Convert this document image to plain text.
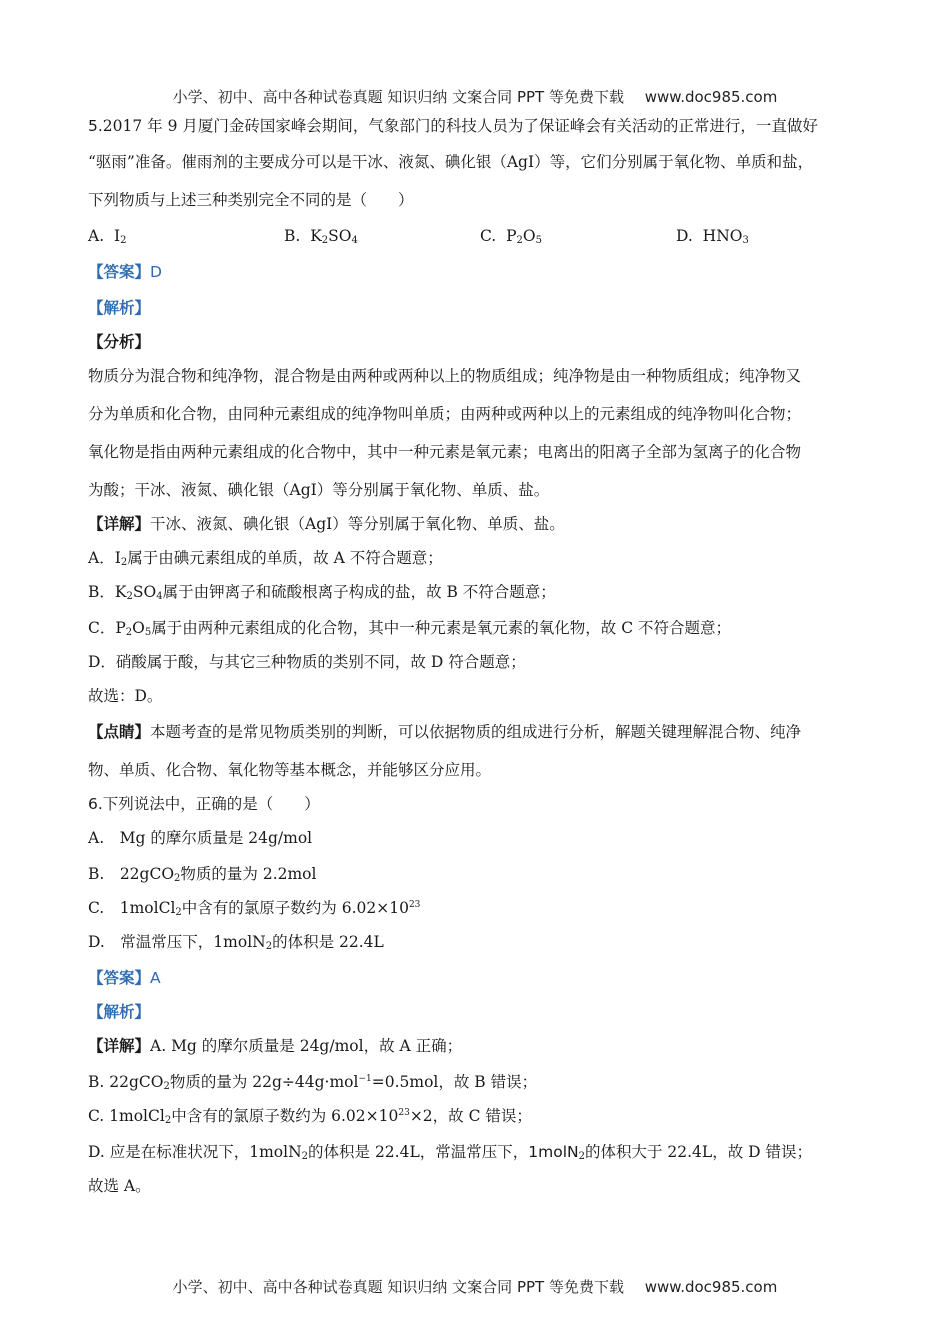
小学、初中、高中各种试卷真题 知识归纳 文案合同 PPT 等免费下载 www.doc985.com
5.2017 年 9 月厦门金砖国家峰会期间，气象部门的科技人员为了保证峰会有关活动的正常进行，一直做好
“驱雨”准备。催雨剂的主要成分可以是干冰、液氮、碘化银（AgI）等，它们分别属于氧化物、单质和盐，
下列物质与上述三种类别完全不同的是（　　）
A. $I_2$	B. $K_2SO_4$	C. $P_2O_5$	D. $HNO_3$
【答案】D
【解析】
【分析】
物质分为混合物和纯净物，混合物是由两种或两种以上的物质组成；纯净物是由一种物质组成；纯净物又
分为单质和化合物，由同种元素组成的纯净物叫单质；由两种或两种以上的元素组成的纯净物叫化合物；
氧化物是指由两种元素组成的化合物中，其中一种元素是氧元素；电离出的阳离子全部为氢离子的化合物
为酸；干冰、液氮、碘化银（AgI）等分别属于氧化物、单质、盐。
【详解】干冰、液氮、碘化银（AgI）等分别属于氧化物、单质、盐。
A．$I_2$属于由碘元素组成的单质，故 A 不符合题意；
B．$K_2SO_4$属于由钾离子和硫酸根离子构成的盐，故 B 不符合题意；
C．$P_2O_5$属于由两种元素组成的化合物，其中一种元素是氧元素的氧化物，故 C 不符合题意；
D．硝酸属于酸，与其它三种物质的类别不同，故 D 符合题意；
故选：D。
【点睛】本题考查的是常见物质类别的判断，可以依据物质的组成进行分析，解题关键理解混合物、纯净
物、单质、化合物、氧化物等基本概念，并能够区分应用。
6.下列说法中，正确的是（　　）
A.　Mg 的摩尔质量是 24g/mol
B.　22gCO$_2$物质的量为 2.2mol
C.　1molCl$_2$中含有的氯原子数约为 $6.02\times 10^{23}$
D.　常温常压下，1molN$_2$的体积是 22.4L
【答案】A
【解析】
【详解】A. Mg 的摩尔质量是 24g/mol，故 A 正确；
B. 22gCO$_2$物质的量为 22g÷44g·mol$^{-1}$=0.5mol，故 B 错误；
C. 1molCl$_2$中含有的氯原子数约为 $6.02\times 10^{23}\times 2$，故 C 错误；
D. 应是在标准状况下，1molN$_2$的体积是 22.4L，常温常压下，1molN$_2$的体积大于 22.4L，故 D 错误；
故选 A。
小学、初中、高中各种试卷真题 知识归纳 文案合同 PPT 等免费下载 www.doc985.com
